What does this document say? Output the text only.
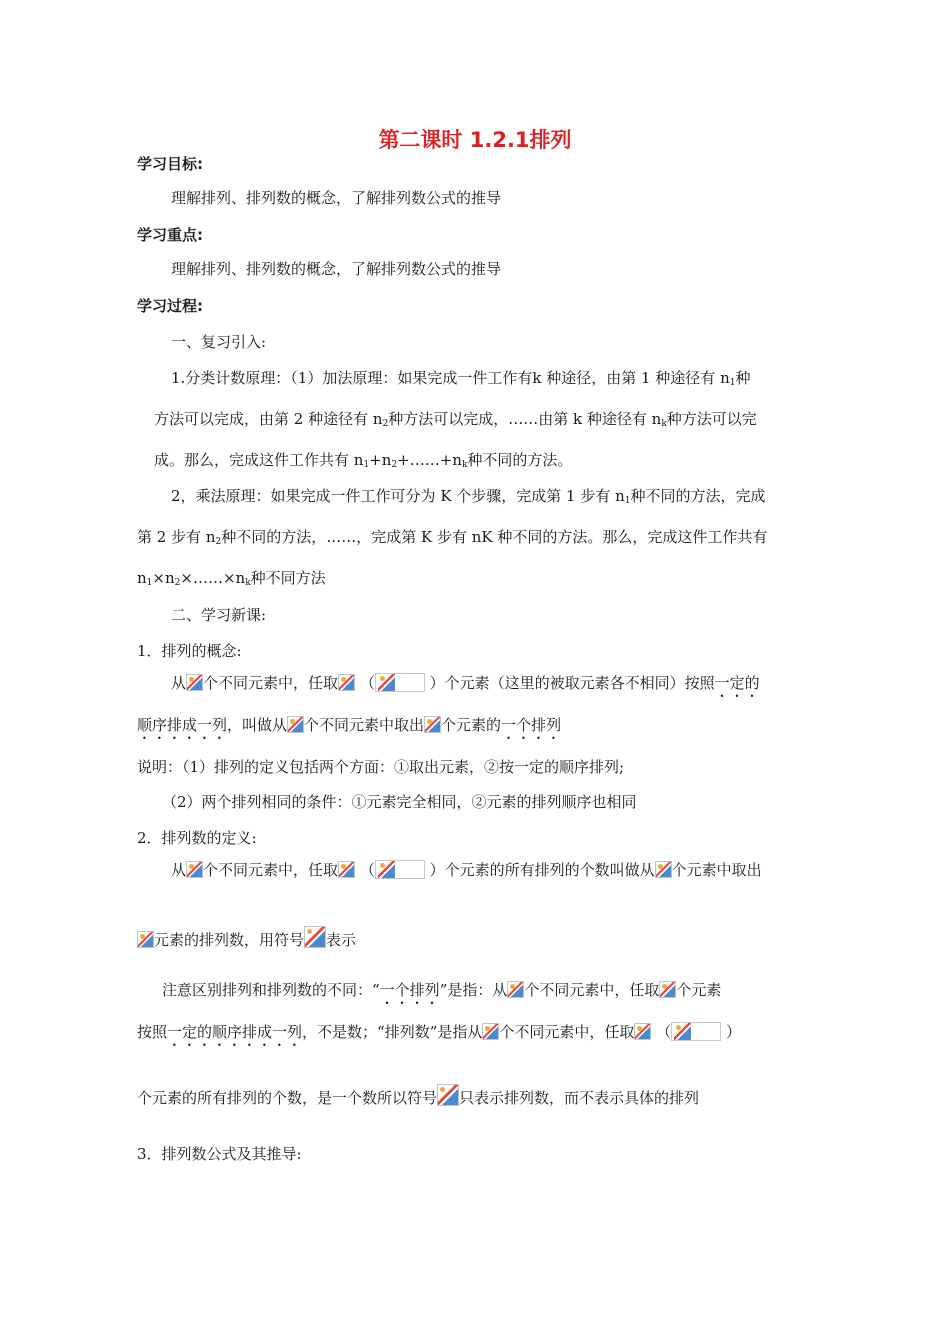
第二课时 1.2.1排列
学习目标:
理解排列、排列数的概念，了解排列数公式的推导
学习重点:
理解排列、排列数的概念，了解排列数公式的推导
学习过程:
一、复习引入:
1.分类计数原理：（1）加法原理：如果完成一件工作有k 种途径，由第 1 种途径有 $n_1$种
方法可以完成，由第 2 种途径有 $n_2$种方法可以完成，……由第 k 种途径有 $n_k$种方法可以完
成。那么，完成这件工作共有 $n_1+n_2+\dots\dots+n_k$种不同的方法。
2，乘法原理：如果完成一件工作可分为 K 个步骤，完成第 1 步有 $n_1$种不同的方法，完成
第 2 步有 $n_2$种不同的方法，……，完成第 K 步有 nK 种不同的方法。那么，完成这件工作共有
$n_1\times n_2\times\dots\dots\times n_k$种不同方法
二、学习新课:
1．排列的概念:
从 个不同元素中，任取 （	）个元素（这里的被取元素各不相同）按照一定的
顺序排成一列，叫做从 个不同元素中取出 个元素的一个排列
说明：（1）排列的定义包括两个方面：①取出元素，②按一定的顺序排列;
（2）两个排列相同的条件：①元素完全相同，②元素的排列顺序也相同
2．排列数的定义:
从 个不同元素中，任取 （	）个元素的所有排列的个数叫做从 个元素中取出
元素的排列数，用符号 表示
注意区别排列和排列数的不同：“一个排列”是指：从 个不同元素中，任取 个元素
按照一定的顺序排成一列，不是数；“排列数”是指从 个不同元素中，任取 （	）
个元素的所有排列的个数，是一个数所以符号 只表示排列数，而不表示具体的排列
3．排列数公式及其推导:
